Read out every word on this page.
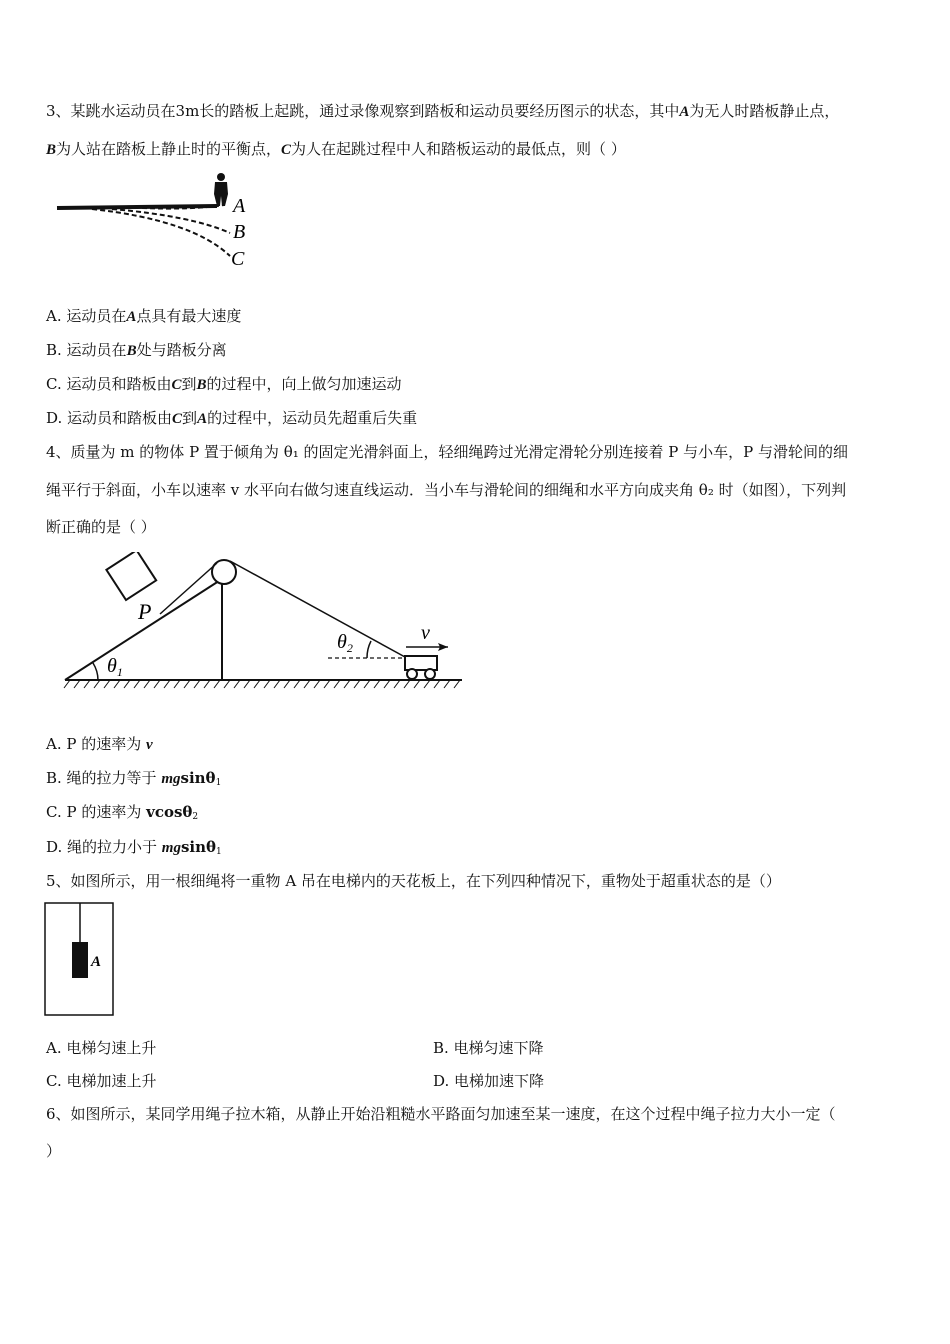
3、某跳水运动员在3m长的踏板上起跳，通过录像观察到踏板和运动员要经历图示的状态，其中A为无人时踏板静止点，
B为人站在踏板上静止时的平衡点，C为人在起跳过程中人和踏板运动的最低点，则（ ）
A
B
C
A. 运动员在A点具有最大速度
B. 运动员在B处与踏板分离
C. 运动员和踏板由C到B的过程中，向上做匀加速运动
D. 运动员和踏板由C到A的过程中，运动员先超重后失重
4、质量为 m 的物体 P 置于倾角为 θ₁ 的固定光滑斜面上，轻细绳跨过光滑定滑轮分别连接着 P 与小车，P 与滑轮间的细
绳平行于斜面，小车以速率 v 水平向右做匀速直线运动．当小车与滑轮间的细绳和水平方向成夹角 θ₂ 时（如图），下列判
断正确的是（ ）
P
$\theta_1$
$\theta_2$
v
A. P 的速率为 v
B. 绳的拉力等于 mgsinθ$_1$
C. P 的速率为 vcosθ$_2$
D. 绳的拉力小于 mgsinθ$_1$
5、如图所示，用一根细绳将一重物 A 吊在电梯内的天花板上，在下列四种情况下，重物处于超重状态的是（）
A
A. 电梯匀速上升	B. 电梯匀速下降
C. 电梯加速上升	D. 电梯加速下降
6、如图所示，某同学用绳子拉木箱，从静止开始沿粗糙水平路面匀加速至某一速度，在这个过程中绳子拉力大小一定（
）
